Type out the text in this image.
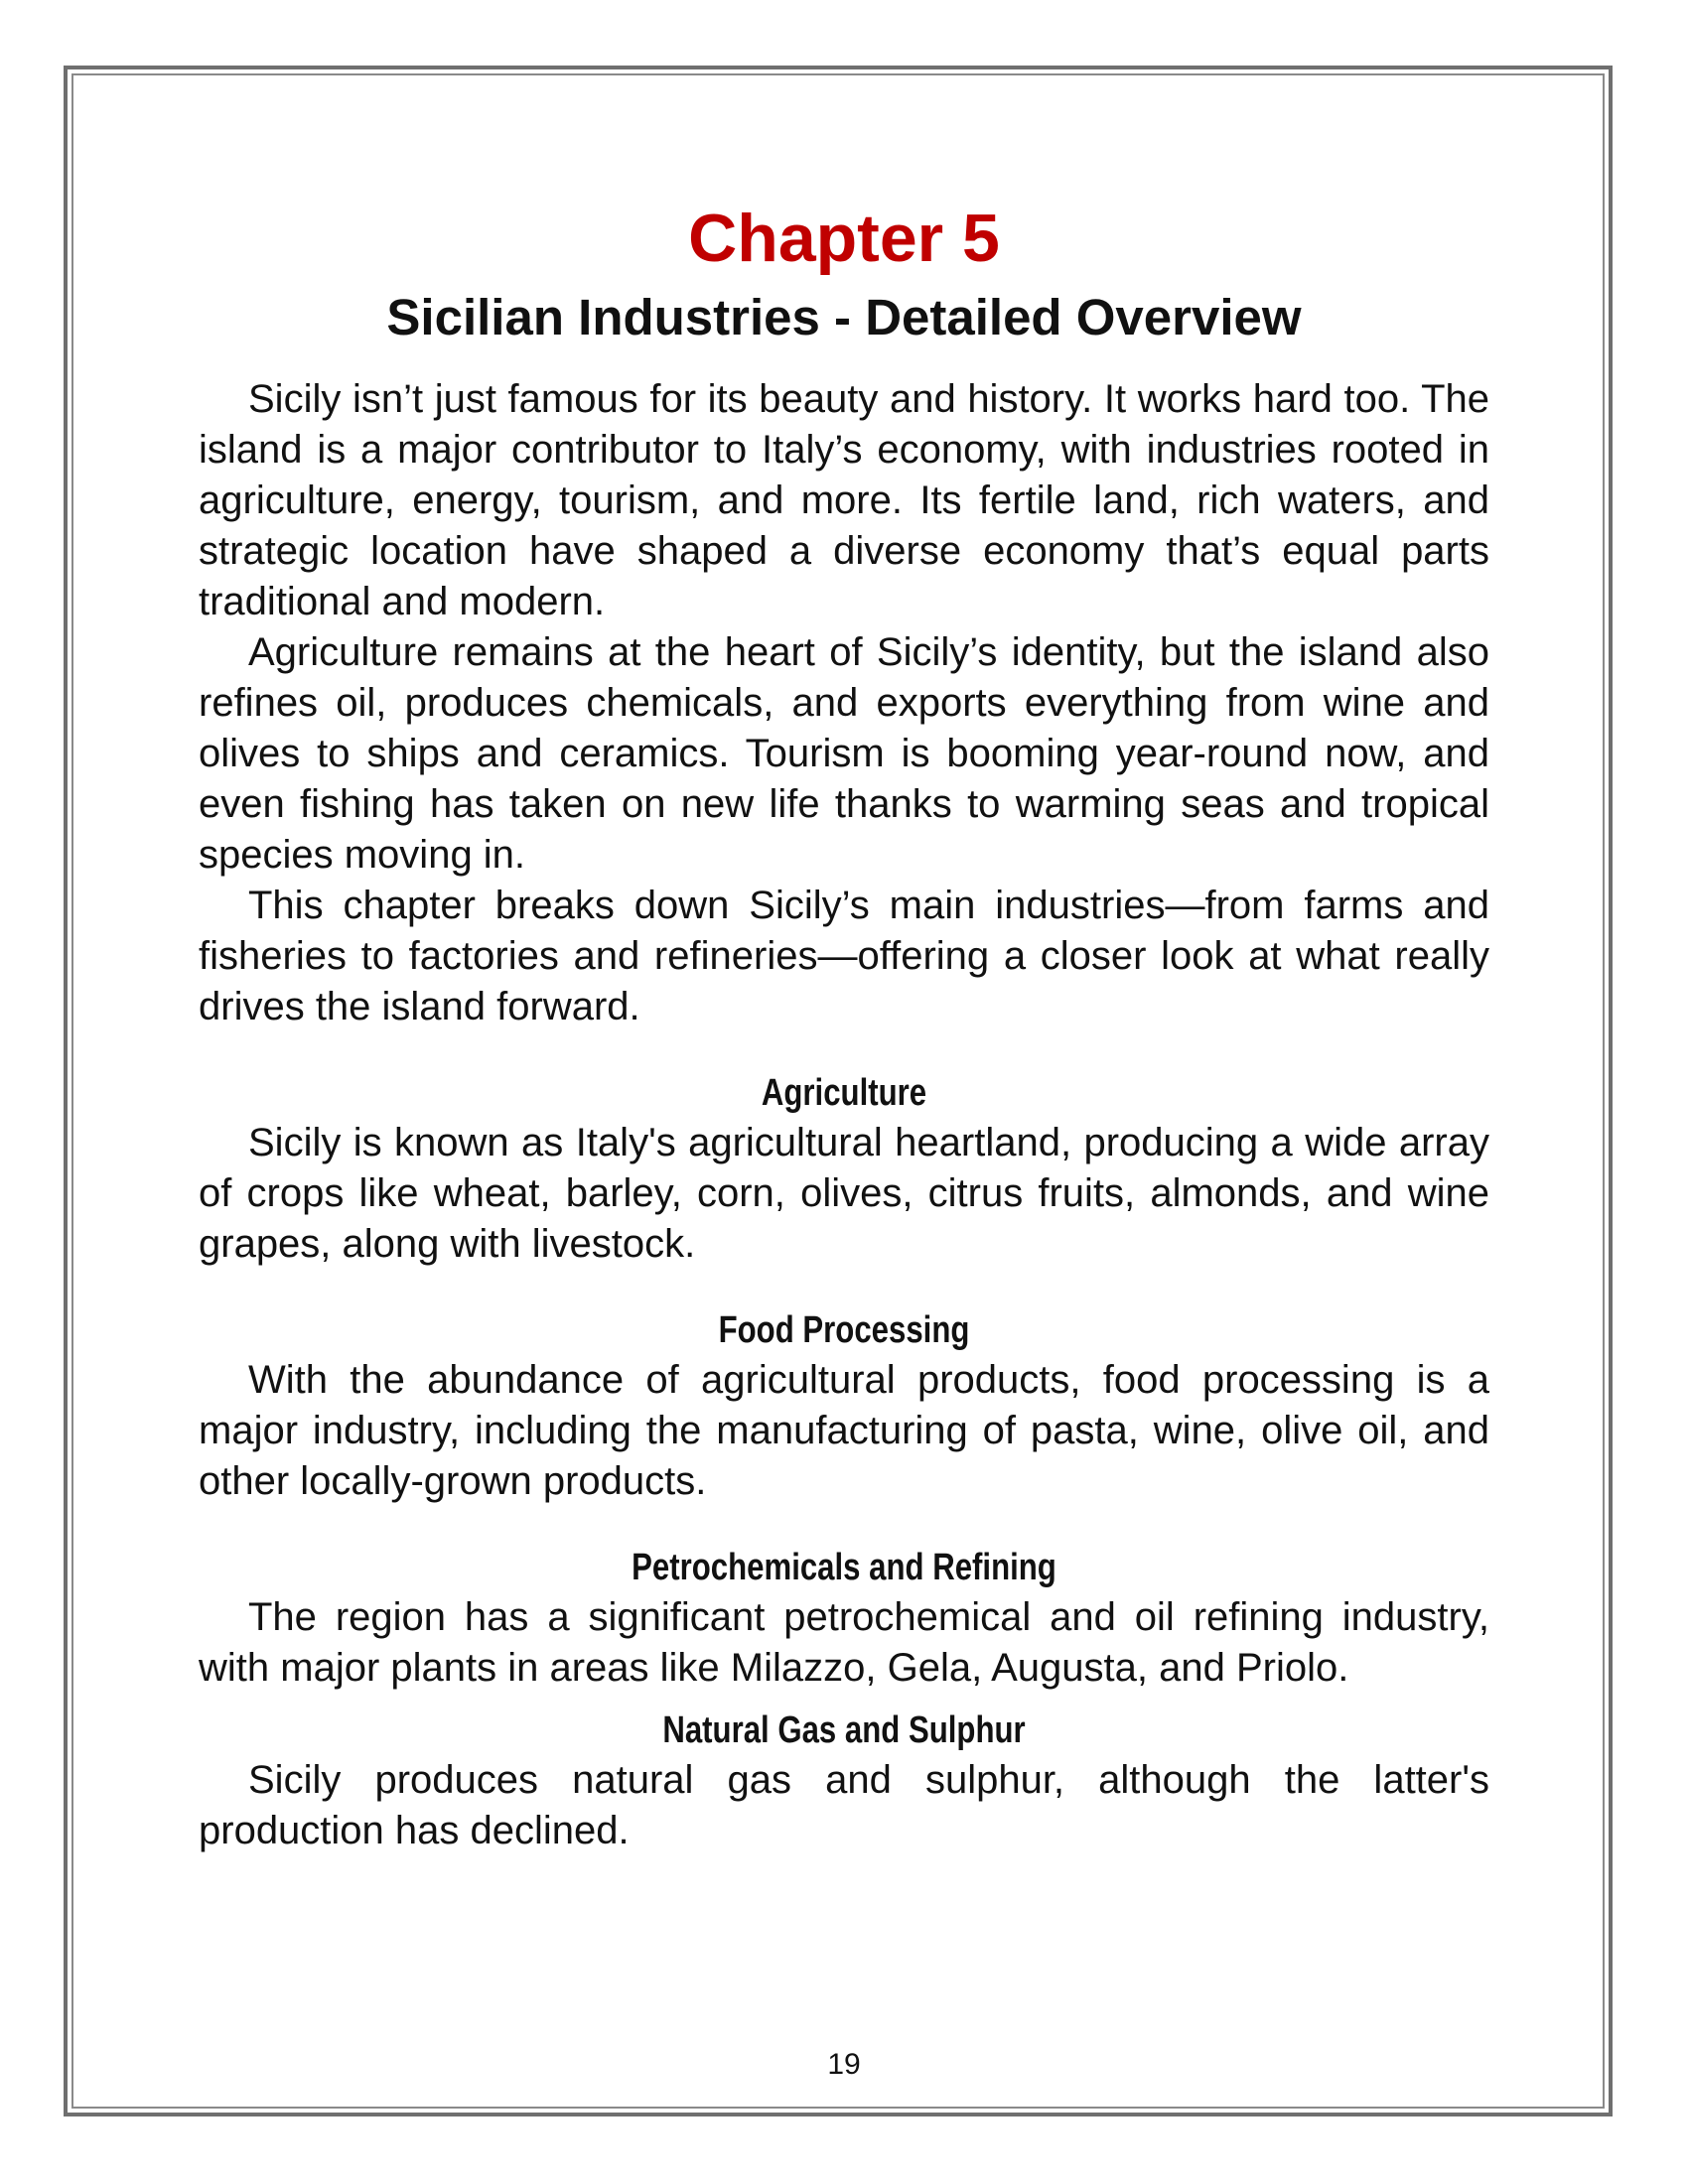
Chapter 5
Sicilian Industries - Detailed Overview

Sicily isn’t just famous for its beauty and history. It works hard too. The island is a major contributor to Italy’s economy, with industries rooted in agriculture, energy, tourism, and more. Its fertile land, rich waters, and strategic location have shaped a diverse economy that’s equal parts traditional and modern.

Agriculture remains at the heart of Sicily’s identity, but the island also refines oil, produces chemicals, and exports everything from wine and olives to ships and ceramics. Tourism is booming year-round now, and even fishing has taken on new life thanks to warming seas and tropical species moving in.

This chapter breaks down Sicily’s main industries—from farms and fisheries to factories and refineries—offering a closer look at what really drives the island forward.

Agriculture

Sicily is known as Italy's agricultural heartland, producing a wide array of crops like wheat, barley, corn, olives, citrus fruits, almonds, and wine grapes, along with livestock.

Food Processing

With the abundance of agricultural products, food processing is a major industry, including the manufacturing of pasta, wine, olive oil, and other locally-grown products.

Petrochemicals and Refining

The region has a significant petrochemical and oil refining industry, with major plants in areas like Milazzo, Gela, Augusta, and Priolo.

Natural Gas and Sulphur

Sicily produces natural gas and sulphur, although the latter's production has declined.

19
